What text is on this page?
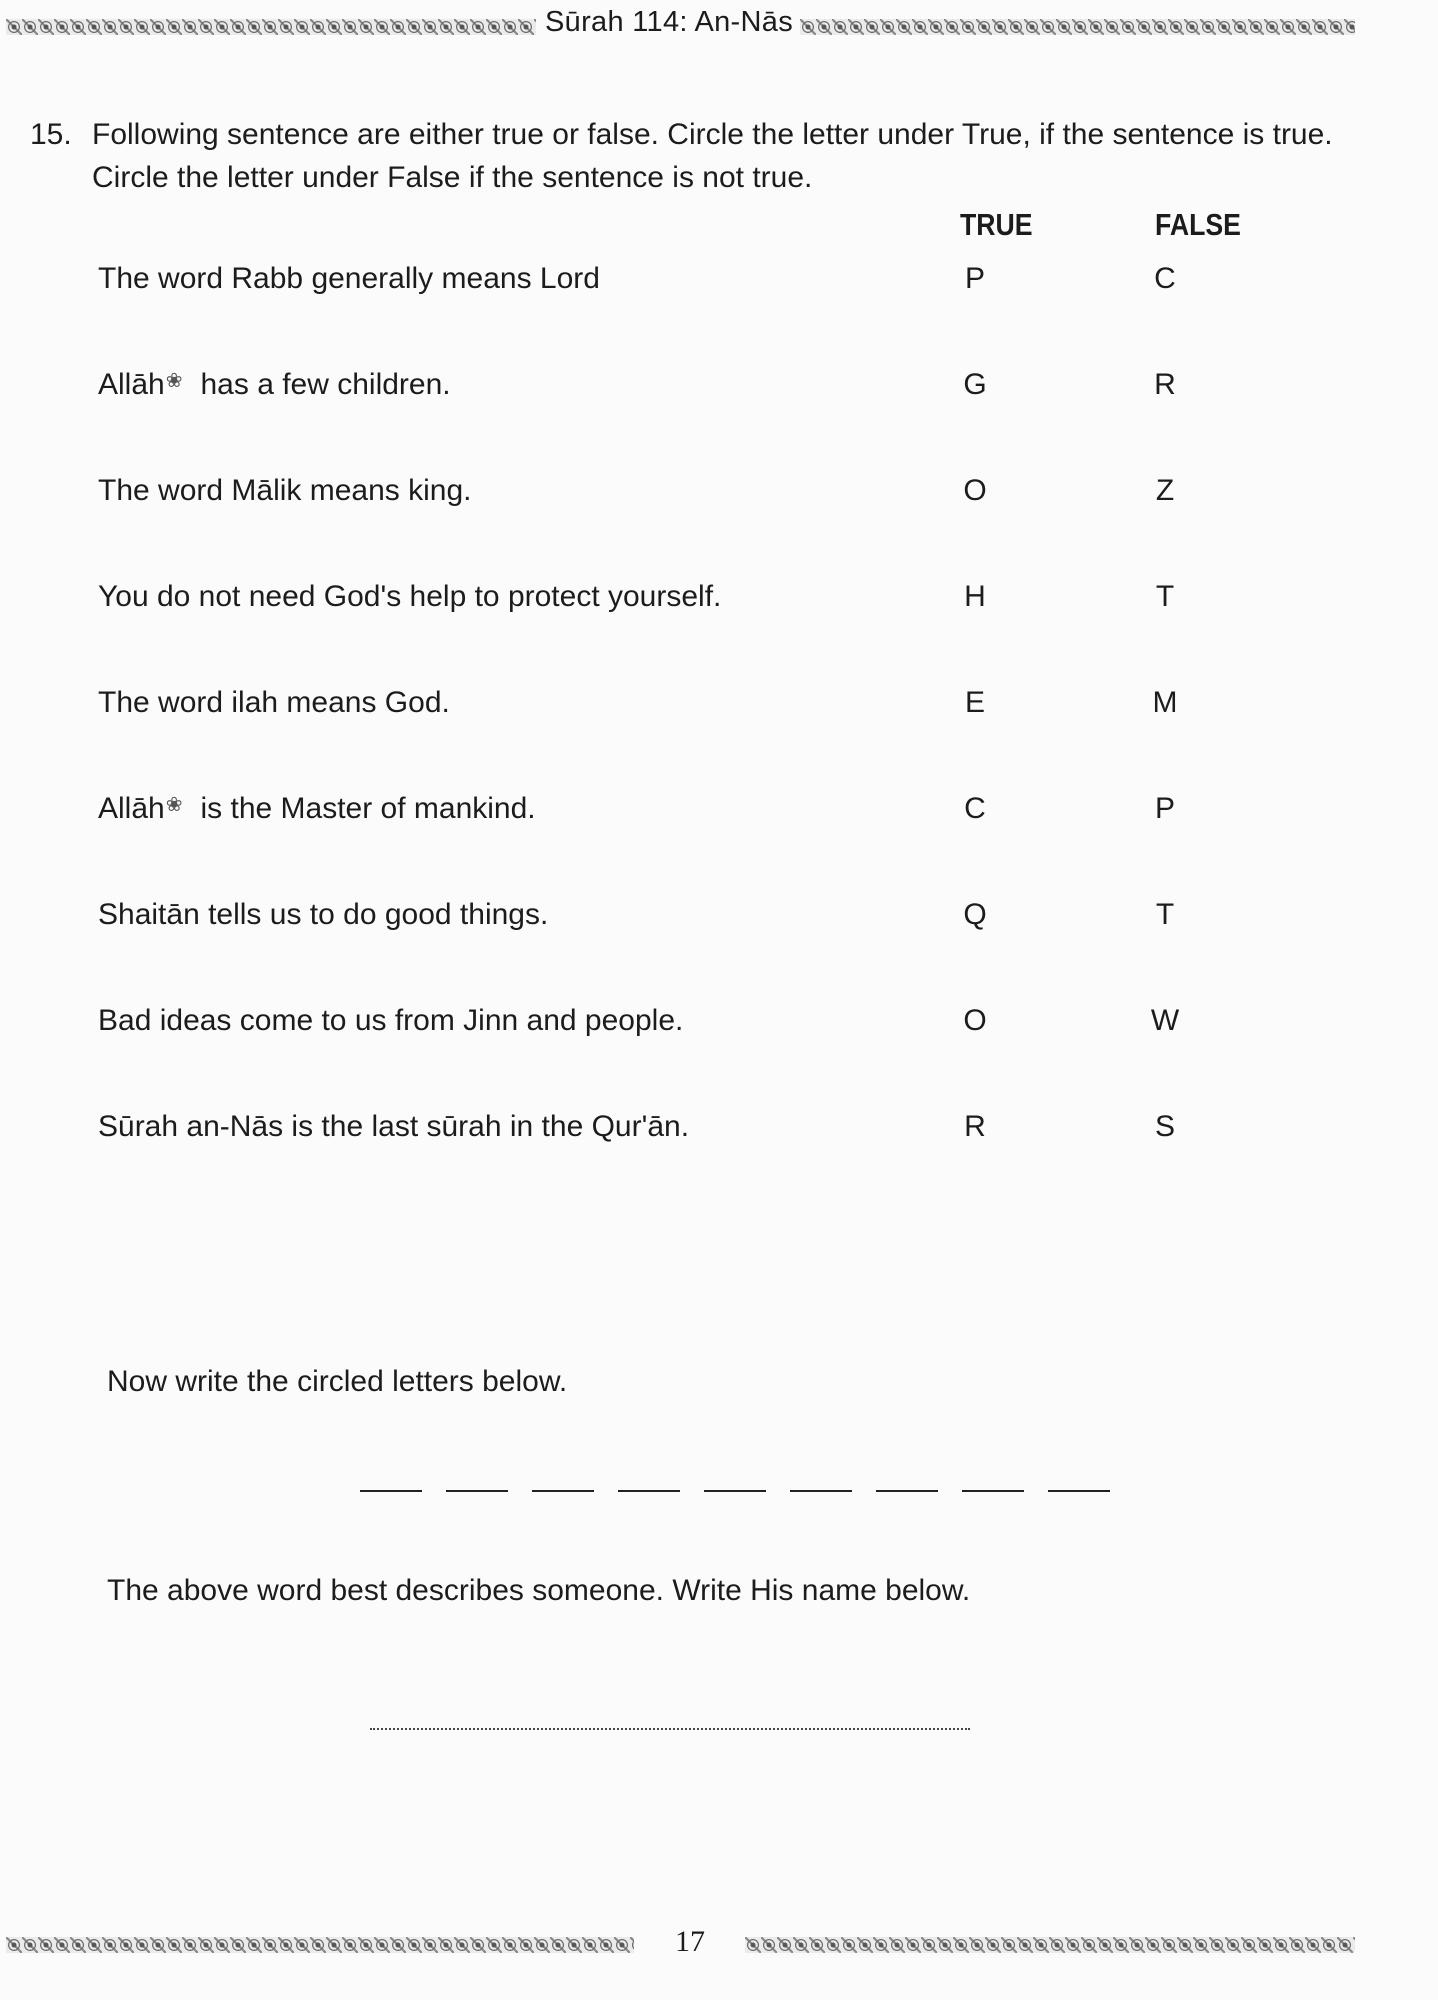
Sūrah 114: An-Nās
15. Following sentence are either true or false. Circle the letter under True, if the sentence is true. Circle the letter under False if the sentence is not true.
TRUE	FALSE
The word Rabb generally means Lord	P	C
Allāh❀ has a few children.	G	R
The word Mālik means king.	O	Z
You do not need God's help to protect yourself.	H	T
The word ilah means God.	E	M
Allāh❀ is the Master of mankind.	C	P
Shaitān tells us to do good things.	Q	T
Bad ideas come to us from Jinn and people.	O	W
Sūrah an-Nās is the last sūrah in the Qur'ān.	R	S
Now write the circled letters below.
The above word best describes someone. Write His name below.
17
